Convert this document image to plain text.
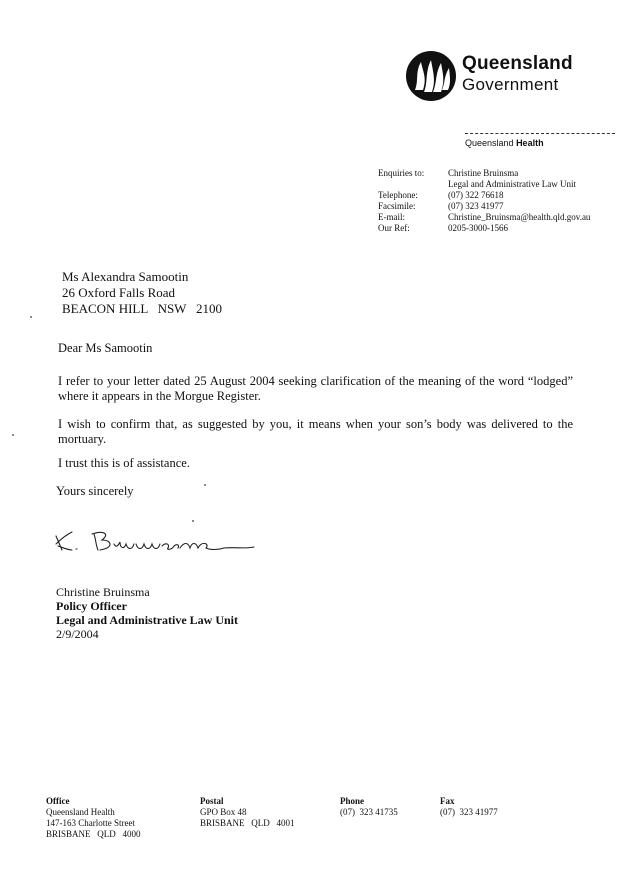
Queensland
Government
Queensland Health
Enquiries to:	Christine Bruinsma
Legal and Administrative Law Unit
Telephone:	(07) 322 76618
Facsimile:	(07) 323 41977
E-mail:	Christine_Bruinsma@health.qld.gov.au
Our Ref:	0205-3000-1566
Ms Alexandra Samootin
26 Oxford Falls Road
BEACON HILL   NSW   2100
Dear Ms Samootin
I refer to your letter dated 25 August 2004 seeking clarification of the meaning of the word “lodged” where it appears in the Morgue Register.
I wish to confirm that, as suggested by you, it means when your son’s body was delivered to the mortuary.
I trust this is of assistance.
Yours sincerely
Christine Bruinsma
Policy Officer
Legal and Administrative Law Unit
2/9/2004
Office
Queensland Health
147-163 Charlotte Street
BRISBANE   QLD   4000
Postal
GPO Box 48
BRISBANE   QLD   4001
Phone
(07)  323 41735
Fax
(07)  323 41977
